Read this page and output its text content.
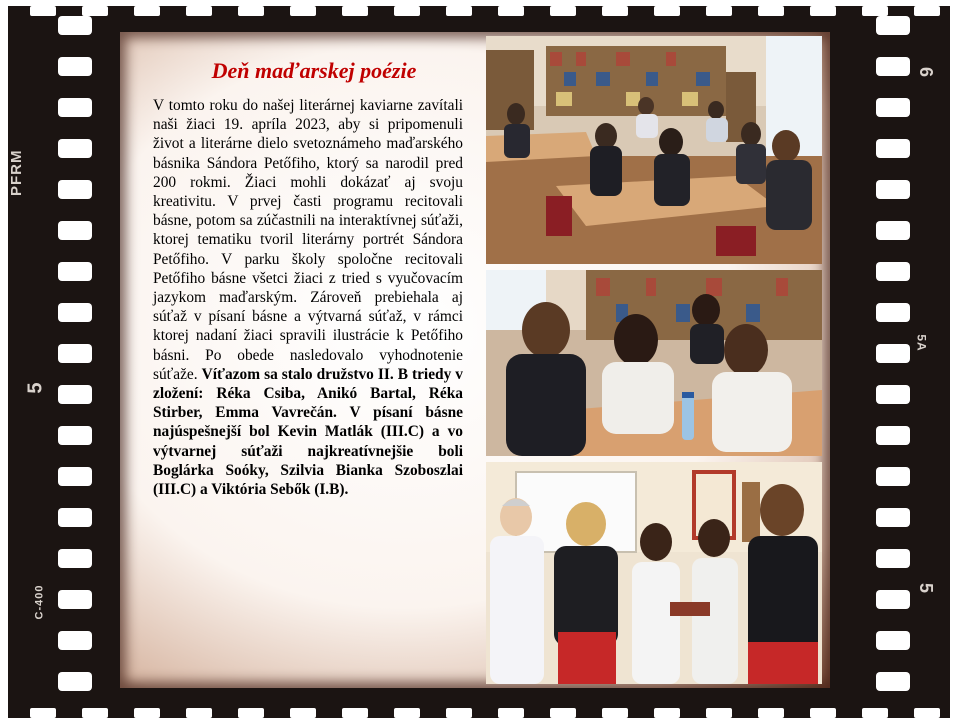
PFRM
5
C-400
6
5A
5
Deň maďarskej poézie
V tomto roku do našej literárnej kaviarne zavítali naši žiaci 19. apríla 2023, aby si pripomenuli život a literárne dielo svetoznámeho maďarského básnika Sándora Petőfiho, ktorý sa narodil pred 200 rokmi. Žiaci mohli dokázať aj svoju kreativitu. V prvej časti programu recitovali básne, potom sa zúčastnili na interaktívnej súťaži, ktorej tematiku tvoril literárny portrét Sándora Petőfiho. V parku školy spoločne recitovali Petőfiho básne všetci žiaci z tried s vyučovacím jazykom maďarským. Zároveň prebiehala aj súťaž v písaní básne a výtvarná súťaž, v rámci ktorej nadaní žiaci spravili ilustrácie k Petőfiho básni. Po obede nasledovalo vyhodnotenie súťaže. Víťazom sa stalo družstvo II. B triedy v zložení: Réka Csiba, Anikó Bartal, Réka Stirber, Emma Vavrečán. V písaní básne najúspešnejší bol Kevin Matlák (III.C) a vo výtvarnej súťaži najkreatívnejšie boli Boglárka Soóky, Szilvia Bianka Szoboszlai (III.C) a Viktória Sebők (I.B).
